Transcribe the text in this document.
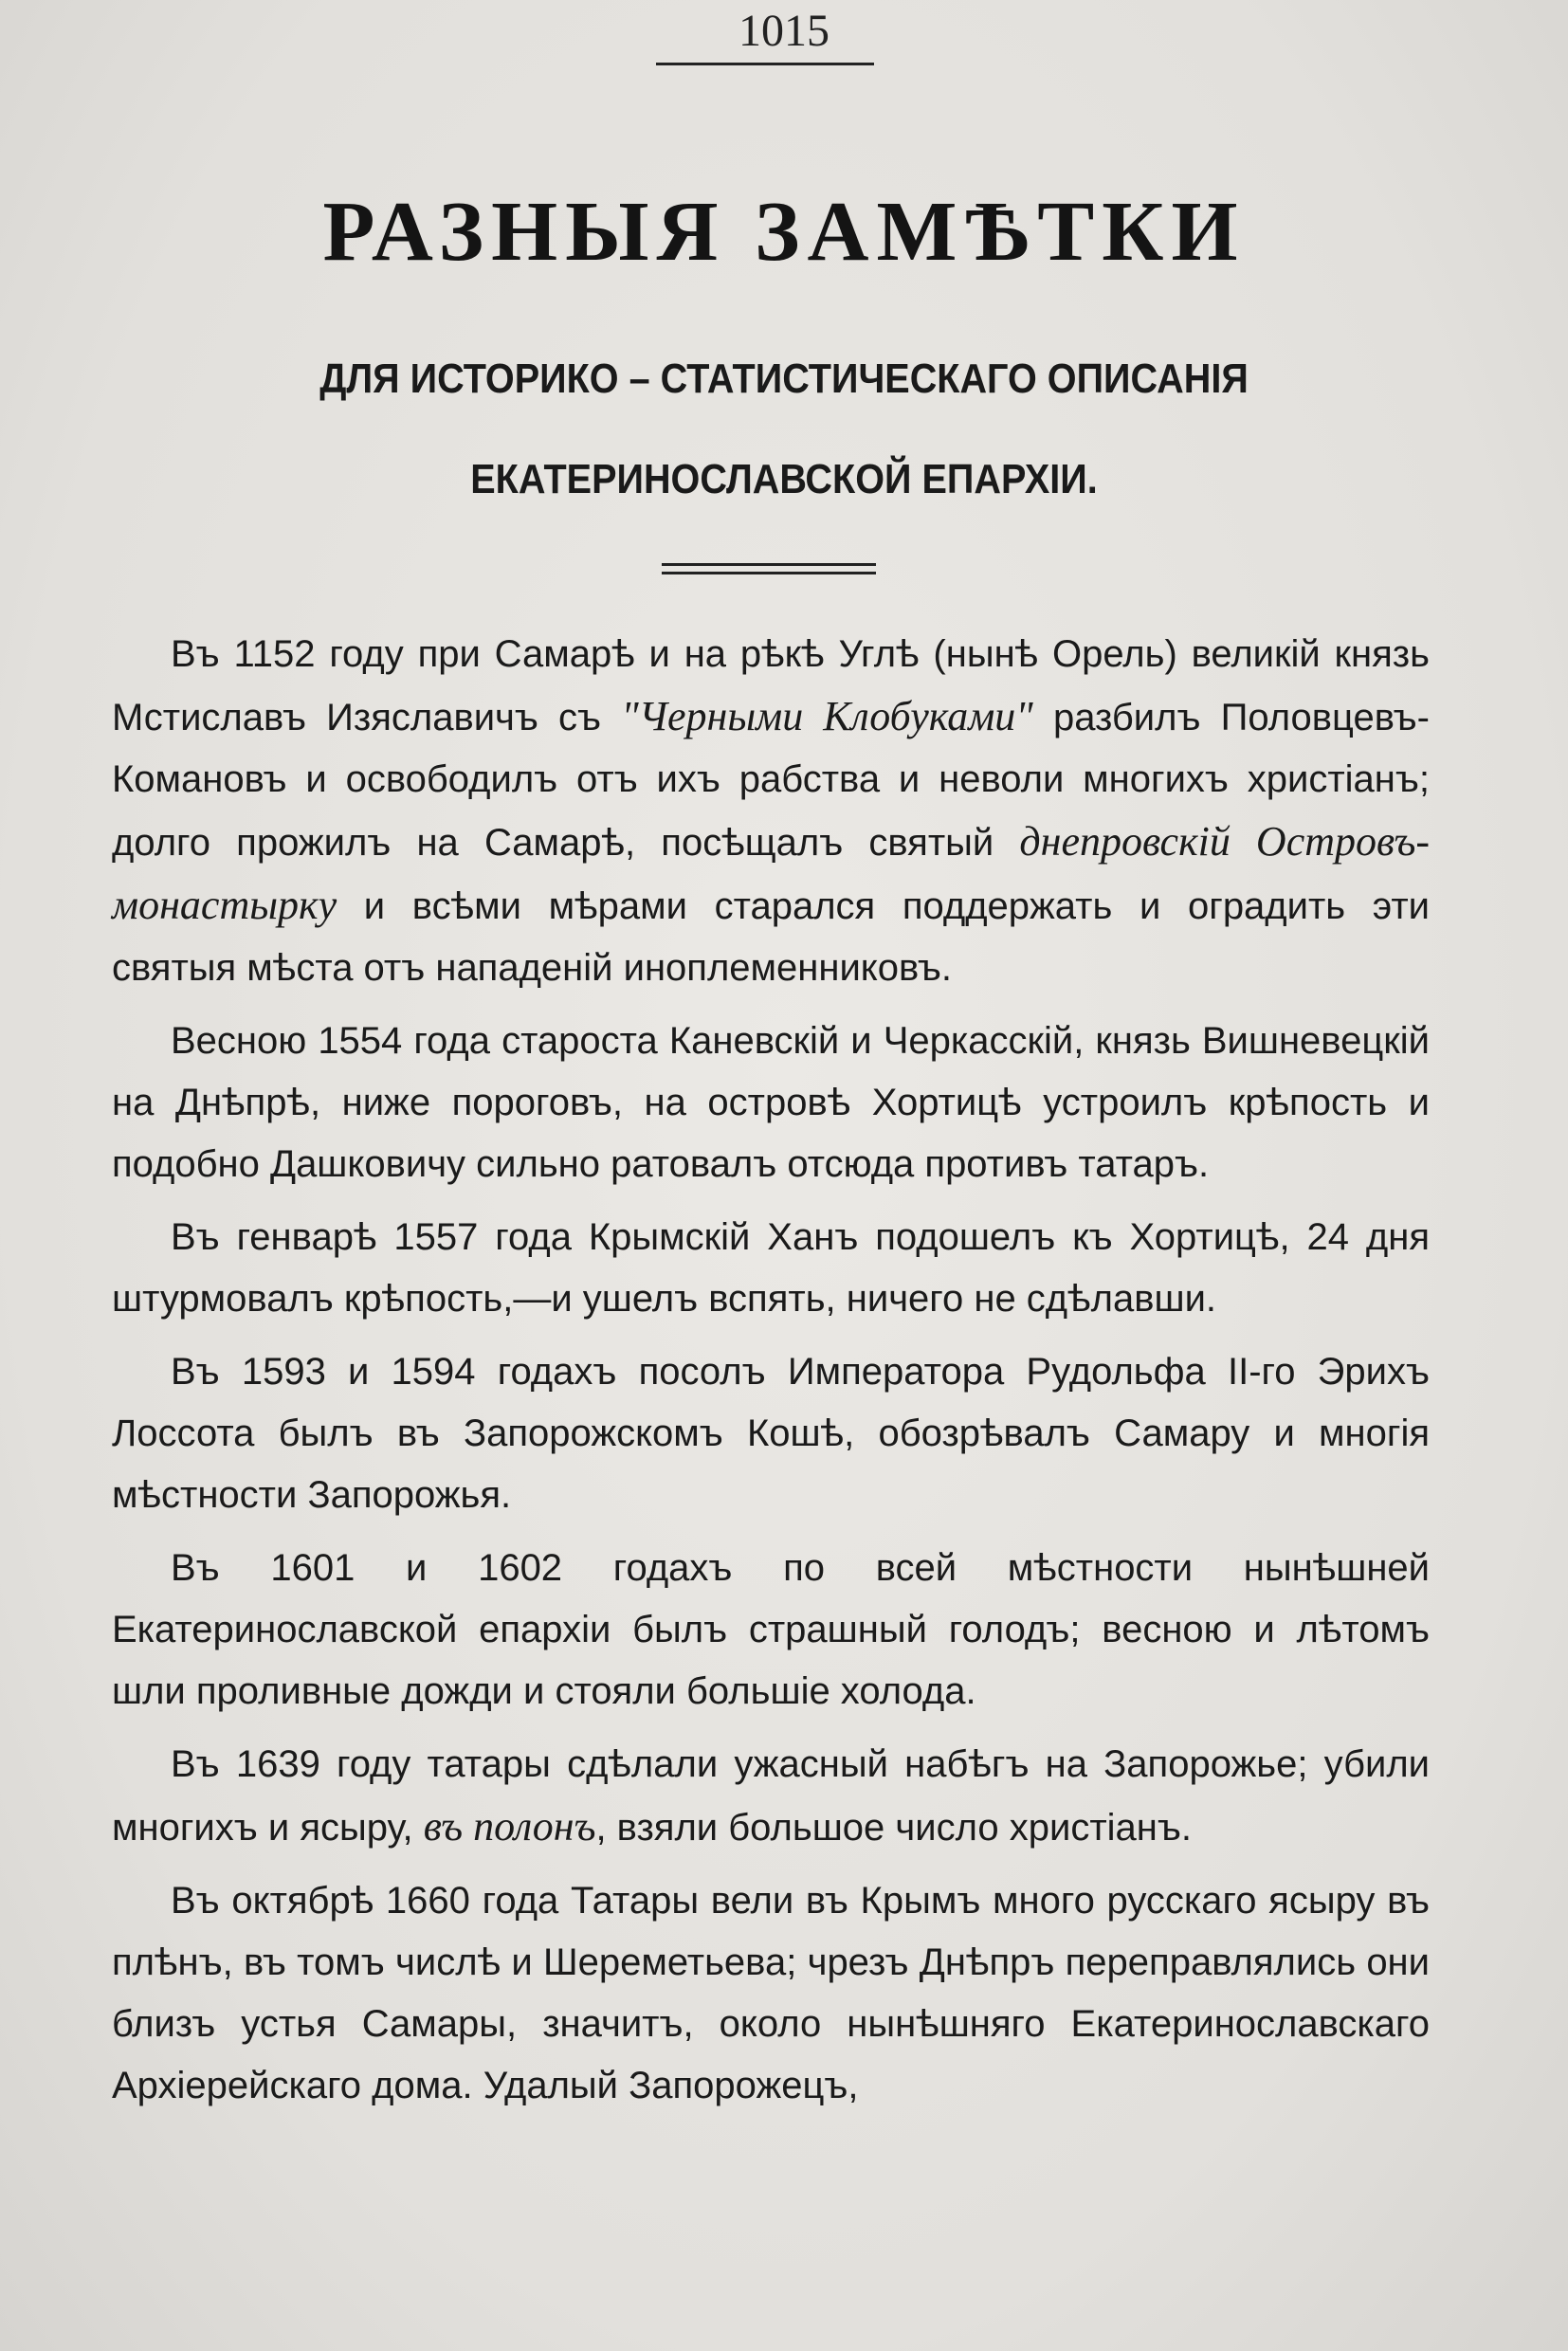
1015
РАЗНЫЯ ЗАМѢТКИ
ДЛЯ ИСТОРИКО – СТАТИСТИЧЕСКАГО ОПИСАНІЯ
ЕКАТЕРИНОСЛАВСКОЙ ЕПАРХІИ.

Въ 1152 году при Самарѣ и на рѣкѣ Углѣ (нынѣ Орель) великій князь Мстиславъ Изяславичъ съ "Черными Клобуками" разбилъ Половцевъ-Комановъ и освободилъ отъ ихъ рабства и неволи многихъ христіанъ; долго прожилъ на Самарѣ, посѣщалъ святый днепровскій Островъ-монастырку и всѣми мѣрами старался поддержать и оградить эти святыя мѣста отъ нападеній иноплеменниковъ.

Весною 1554 года староста Каневскій и Черкасскій, князь Вишневецкій на Днѣпрѣ, ниже пороговъ, на островѣ Хортицѣ устроилъ крѣпость и подобно Дашковичу сильно ратовалъ отсюда противъ татаръ.

Въ генварѣ 1557 года Крымскій Ханъ подошелъ къ Хортицѣ, 24 дня штурмовалъ крѣпость,—и ушелъ вспять, ничего не сдѣлавши.

Въ 1593 и 1594 годахъ посолъ Императора Рудольфа II-го Эрихъ Лоссота былъ въ Запорожскомъ Кошѣ, обозрѣвалъ Самару и многія мѣстности Запорожья.

Въ 1601 и 1602 годахъ по всей мѣстности нынѣшней Екатеринославской епархіи былъ страшный голодъ; весною и лѣтомъ шли проливные дожди и стояли большіе холода.

Въ 1639 году татары сдѣлали ужасный набѣгъ на Запорожье; убили многихъ и ясыру, въ полонъ, взяли большое число христіанъ.

Въ октябрѣ 1660 года Татары вели въ Крымъ много русскаго ясыру въ плѣнъ, въ томъ числѣ и Шереметьева; чрезъ Днѣпръ переправлялись они близъ устья Самары, значитъ, около нынѣшняго Екатеринославскаго Архіерейскаго дома. Удалый Запорожецъ,
